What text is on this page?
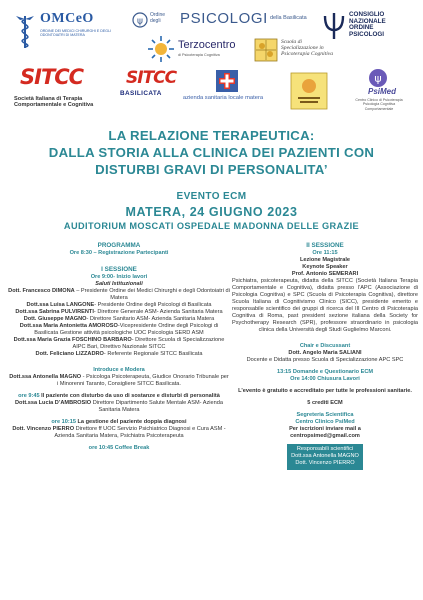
OMCeO
ORDINE DEI MEDICI CHIRURGHI E DEGLI ODONTOIATRI DI MATERA
ψ
Ordine degli	PSICOLOGI della Basilicata	CONSIGLIO
NAZIONALE
ORDINE
PSICOLOGI
Terzocentro
di Psicoterapia Cognitiva
Scuola di
Specializzazione in
Psicoterapia Cognitiva
SITCC
Società Italiana di Terapia Comportamentale e Cognitiva
SITCC
BASILICATA
azienda sanitaria locale matera
ψ
PsiMed
Centro Clinico di Psicoterapia Psicologia Cognitiva Comportamentale
LA RELAZIONE TERAPEUTICA:
DALLA STORIA ALLA CLINICA DEI PAZIENTI CON
DISTURBI GRAVI DI PERSONALITA’
EVENTO ECM
MATERA, 24 GIUGNO 2023
AUDITORIUM MOSCATI OSPEDALE MADONNA DELLE GRAZIE
PROGRAMMA
Ore 8:30 – Registrazione Partecipanti
I SESSIONE
Ore 9:00- Inizio lavori
Saluti Istituzionali
Dott. Francesco DIMONA – Presidente Ordine dei Medici Chirurghi e degli Odontoiatri di Matera
Dott.ssa Luisa LANGONE- Presidente Ordine degli Psicologi di Basilicata
Dott.ssa Sabrina PULVIRENTI- Direttore Generale ASM- Azienda Sanitaria Matera
Dott. Giuseppe MAGNO- Direttore Sanitario ASM- Azienda Sanitaria Matera
Dott.ssa Maria Antonietta AMOROSO-Vicepresidente Ordine degli Psicologi di Basilicata Gestione attività psicologiche UOC Psicologia SERD ASM
Dott.ssa Maria Grazia FOSCHINO BARBARO- Direttore Scuola di Specializzazione AIPC Bari, Direttivo Nazionale SITCC
Dott. Feliciano LIZZADRO- Referente Regionale SITCC Basilicata
Introduce e Modera
Dott.ssa Antonella MAGNO - Psicologa Psicoterapeuta, Giudice Onorario Tribunale per i Minorenni Taranto, Consigliere SITCC Basilicata.
ore 9:45 Il paziente con disturbo da uso di sostanze e disturbi di personalità
Dott.ssa Lucia D’AMBROSIO Direttore Dipartimento Salute Mentale ASM- Azienda Sanitaria Matera
ore 10:15 La gestione del paziente doppia diagnosi
Dott. Vincenzo PIERRO Direttore ff UOC Servizio Psichiatrico Diagnosi e Cura ASM -Azienda Sanitaria Matera, Psichiatra Psicoterapeuta
ore 10:45 Coffee Break
II SESSIONE
Ore 11:15
Lezione Magistrale
Keynote Speaker
Prof. Antonio SEMERARI
Psichiatra, psicoterapeuta, didatta della SITCC (Società Italiana Terapia Comportamentale e Cognitiva), didatta presso l’APC (Associazione di Psicologia Cognitiva) e SPC (Scuola di Psicoterapia Cognitiva), direttore Scuola Italiana di Cognitivismo Clinico (SICC), presidente emerito e responsabile scientifico dei gruppi di ricerca del III Centro di Psicoterapia Cognitiva di Roma, past president sezione italiana della Society for Psychotherapy Research (SPR), professore straordinario in psicologia clinica della Università degli Studi Guglielmo Marconi.
Chair e Discussant
Dott. Angelo Maria SALIANI
Docente e Didatta presso Scuola di Specializzazione APC SPC
13:15 Domande e Questionario ECM
Ore 14:00 Chiusura Lavori
L’evento è gratuito e accreditato per tutte le professioni sanitarie.
5 crediti ECM
Segreteria Scientifica
Centro Clinico PsiMed
Per iscrizioni inviare mail a
centropsimed@gmail.com
Responsabili scientifici
Dott.ssa Antonella MAGNO
Dott. Vincenzo PIERRO
